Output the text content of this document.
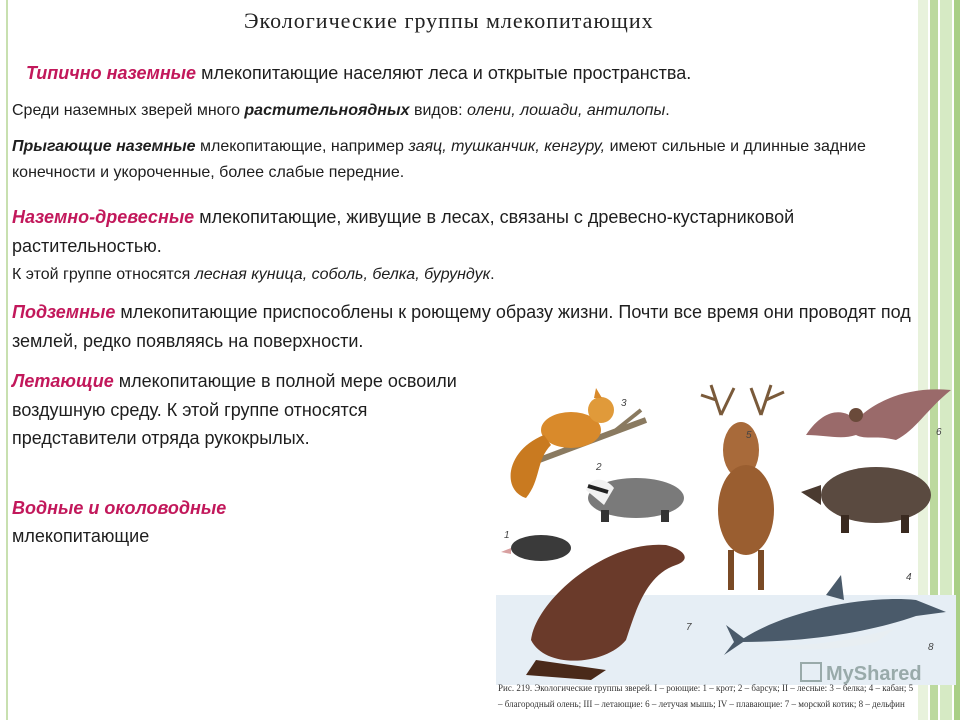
Экологические группы млекопитающих
Типично наземные млекопитающие населяют леса и открытые пространства.
Среди наземных зверей много растительноядных видов: олени, лошади, антилопы.
Прыгающие наземные млекопитающие, например заяц, тушканчик, кенгуру, имеют сильные и длинные задние конечности и укороченные, более слабые передние.
Наземно-древесные млекопитающие, живущие в лесах, связаны с древесно-кустарниковой растительностью.
К этой группе относятся лесная куница, соболь, белка, бурундук.
Подземные млекопитающие приспособлены к роющему образу жизни. Почти все время они проводят под землей, редко появляясь на поверхности.
Летающие млекопитающие в полной мере освоили воздушную среду. К этой группе относятся представители отряда рукокрылых.
Водные и околоводные
млекопитающие
3
2
1
5	6
4
7
8
Рис. 219. Экологические группы зверей. I – роющие: 1 – крот; 2 – барсук; II – лесные: 3 – белка; 4 – кабан; 5 – благородный олень; III – летающие: 6 – летучая мышь; IV – плавающие: 7 – морской котик; 8 – дельфин
MyShared
